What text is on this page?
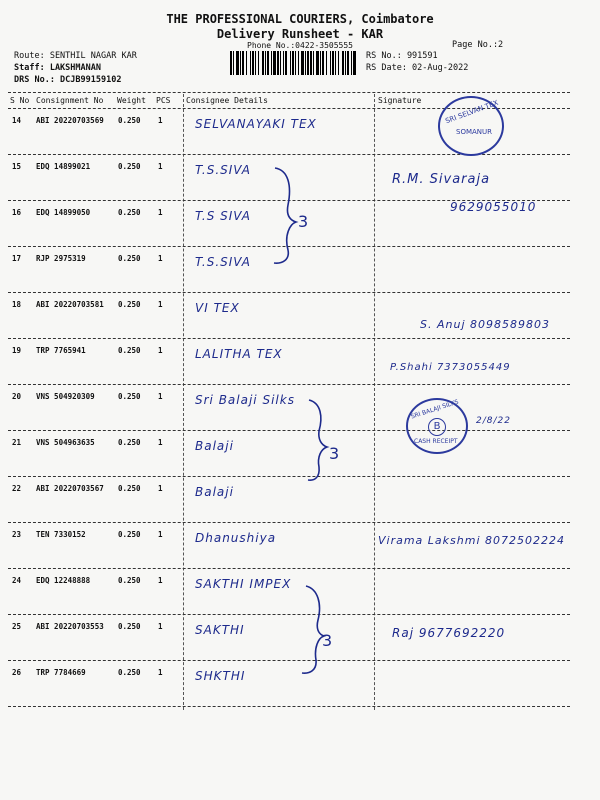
THE PROFESSIONAL COURIERS, Coimbatore
Delivery Runsheet - KAR
Phone No.:0422-3505555	Page No.:2
Route: SENTHIL NAGAR KAR
Staff: LAKSHMANAN
DRS No.: DCJB99159102
RS No.: 991591
RS Date: 02-Aug-2022
S No Consignment No Weight PCS Consignee Details	Signature
14 ABI 20220703569 0.250 1	SELVANAYAKI TEX
15 EDQ 14899021	0.250 1	T.S.SIVA
R.M. Sivaraja
16 EDQ 14899050	0.250 1	T.S SIVA
9629055010
17 RJP 2975319	0.250 1	T.S.SIVA
18 ABI 20220703581 0.250 1	VI TEX
S. Anuj 8098589803
19 TRP 7765941	0.250 1	LALITHA TEX
P.Shahi 7373055449
20 VNS 504920309	0.250 1	Sri Balaji Silks
2/8/22
21 VNS 504963635	0.250 1	Balaji
22 ABI 20220703567 0.250 1	Balaji
23 TEN 7330152	0.250 1	Dhanushiya	Virama Lakshmi 8072502224
24 EDQ 12248888	0.250 1	SAKTHI IMPEX
25 ABI 20220703553 0.250 1	SAKTHI	Raj 9677692220
26 TRP 7784669	0.250 1	SHKTHI
3
3
3
SRI SELVAN TEX
SOMANUR
SRI BALAJI SILKS
B
CASH RECEIPT
